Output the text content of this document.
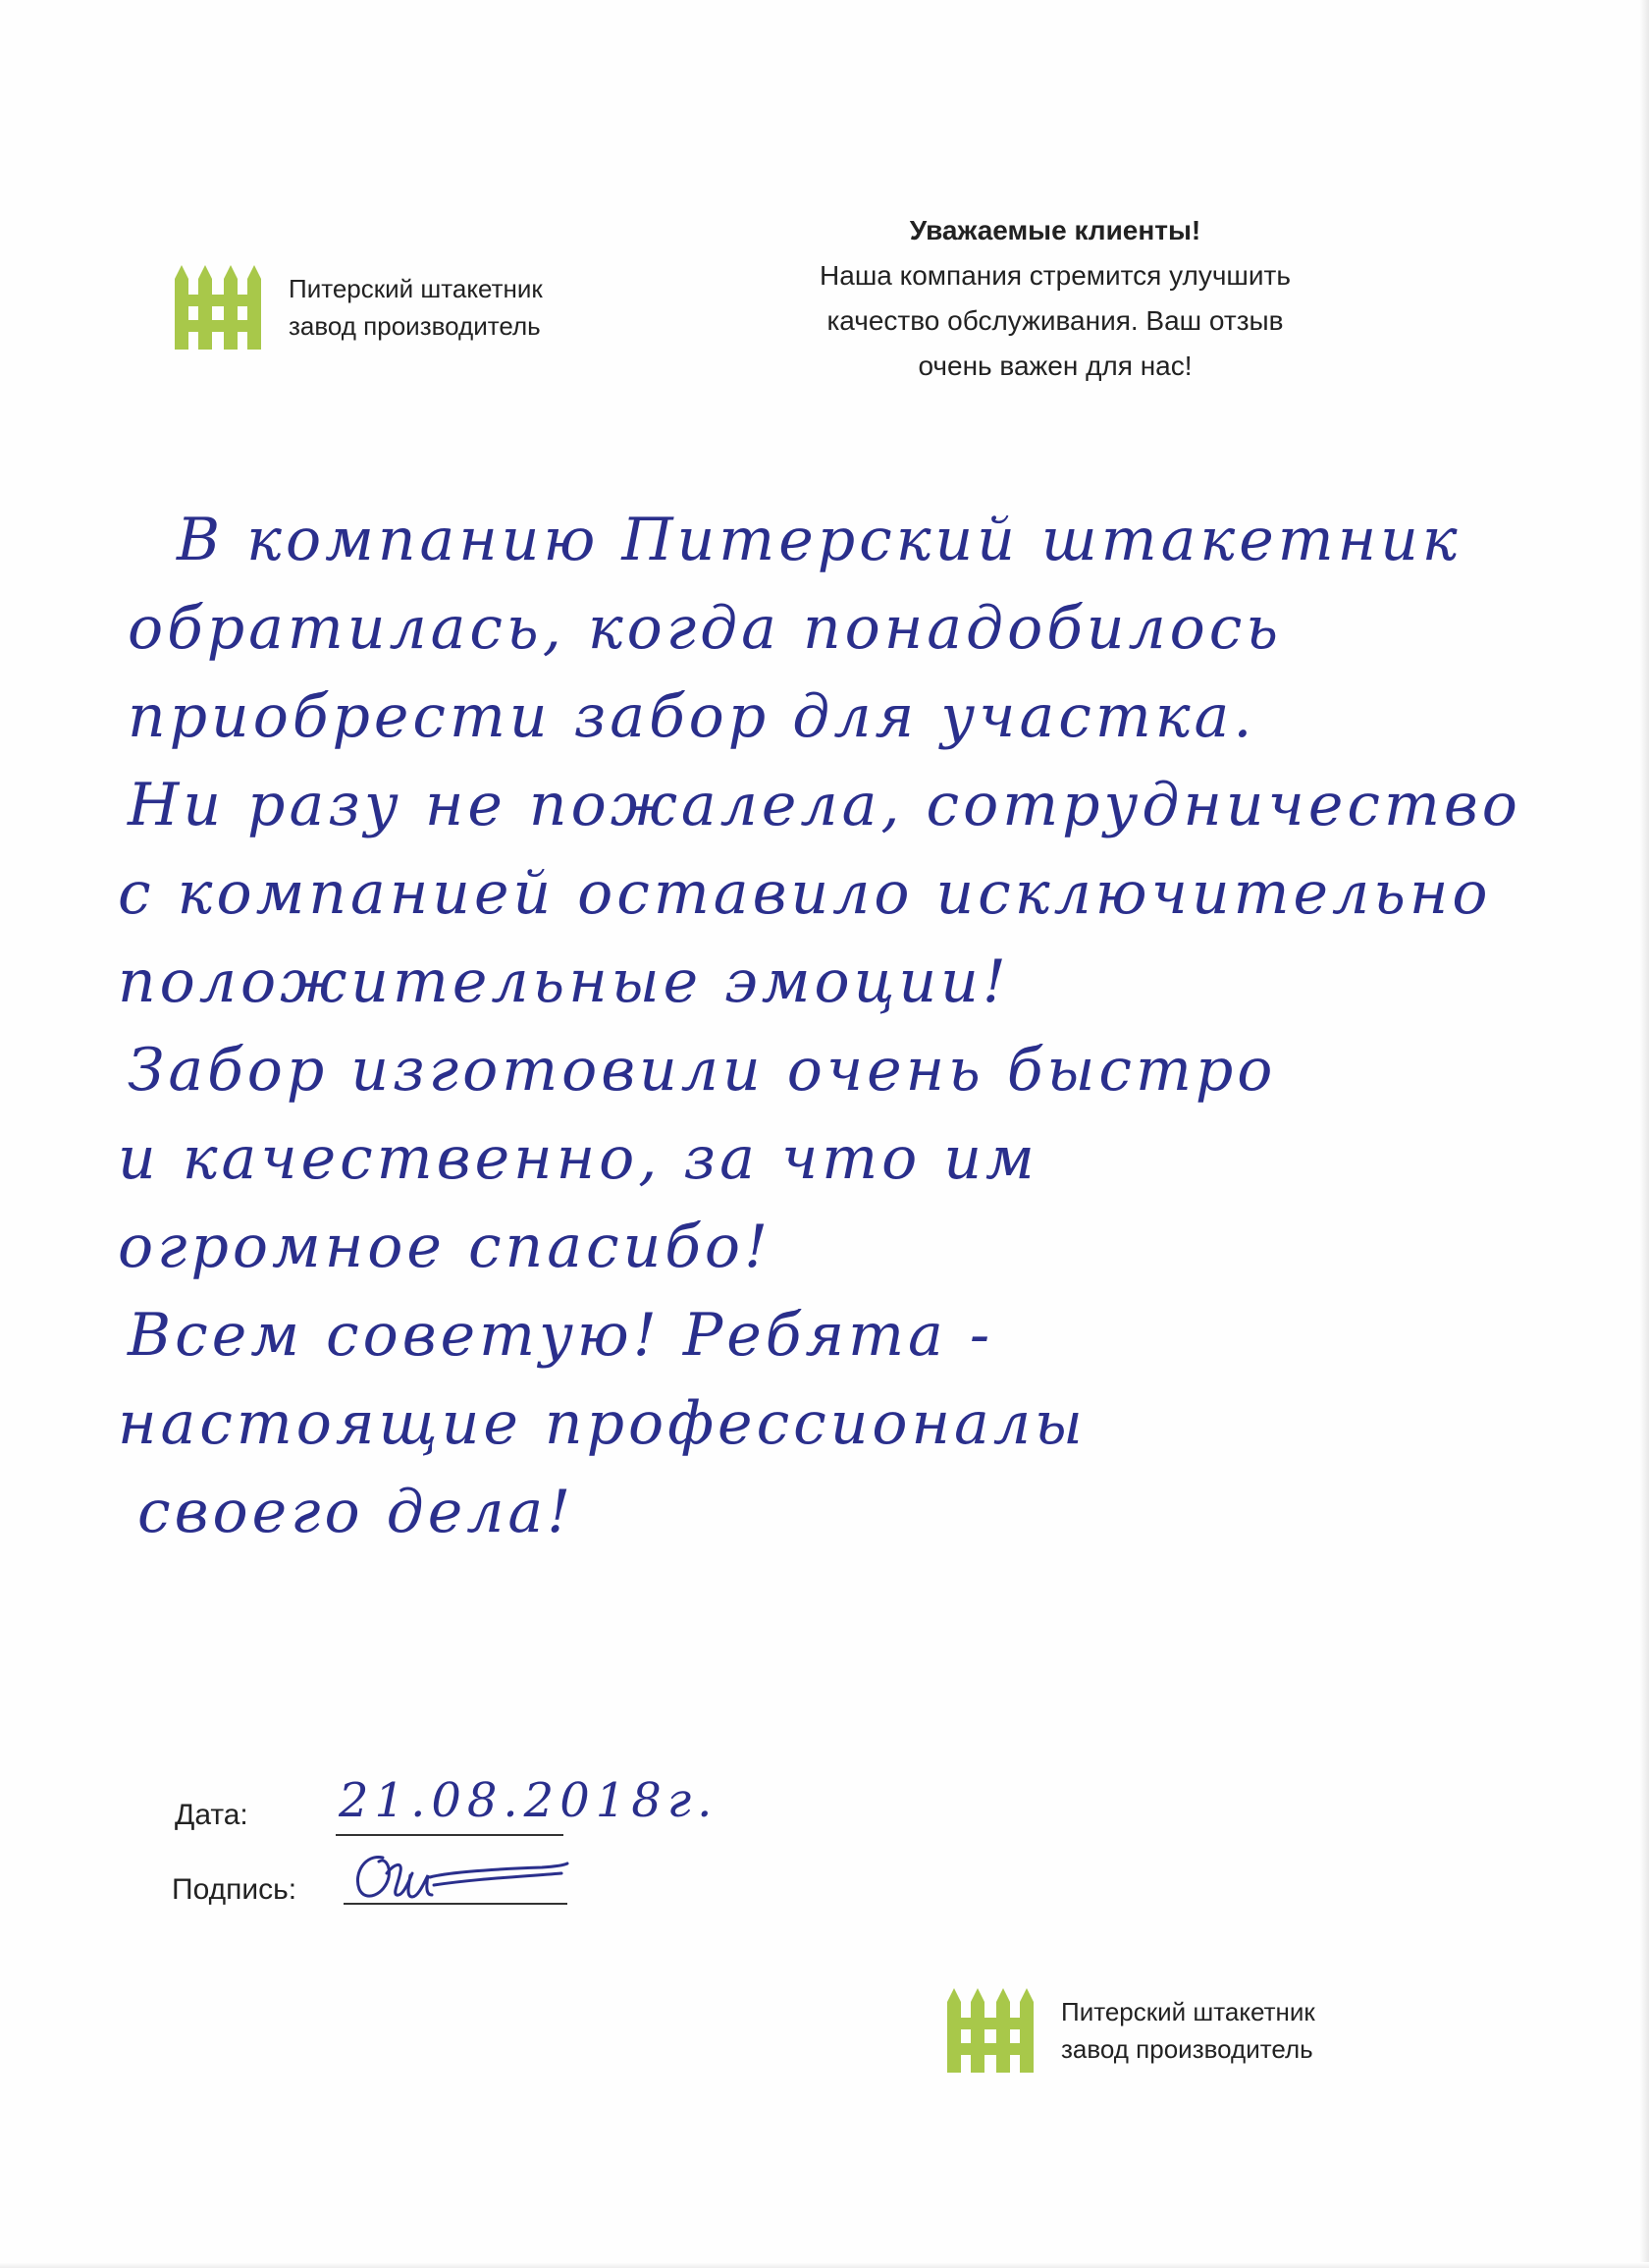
Питерский штакетник
завод производитель
Уважаемые клиенты!
Наша компания стремится улучшить
качество обслуживания. Ваш отзыв
очень важен для нас!
В компанию Питерский штакетник
обратилась, когда понадобилось
приобрести забор для участка.
Ни разу не пожалела, сотрудничество
с компанией оставило исключительно
положительные эмоции!
Забор изготовили очень быстро
и качественно, за что им
огромное спасибо!
Всем советую! Ребята -
настоящие профессионалы
своего дела!
Дата: 21.08.2018г.
Подпись:
Питерский штакетник
завод производитель
